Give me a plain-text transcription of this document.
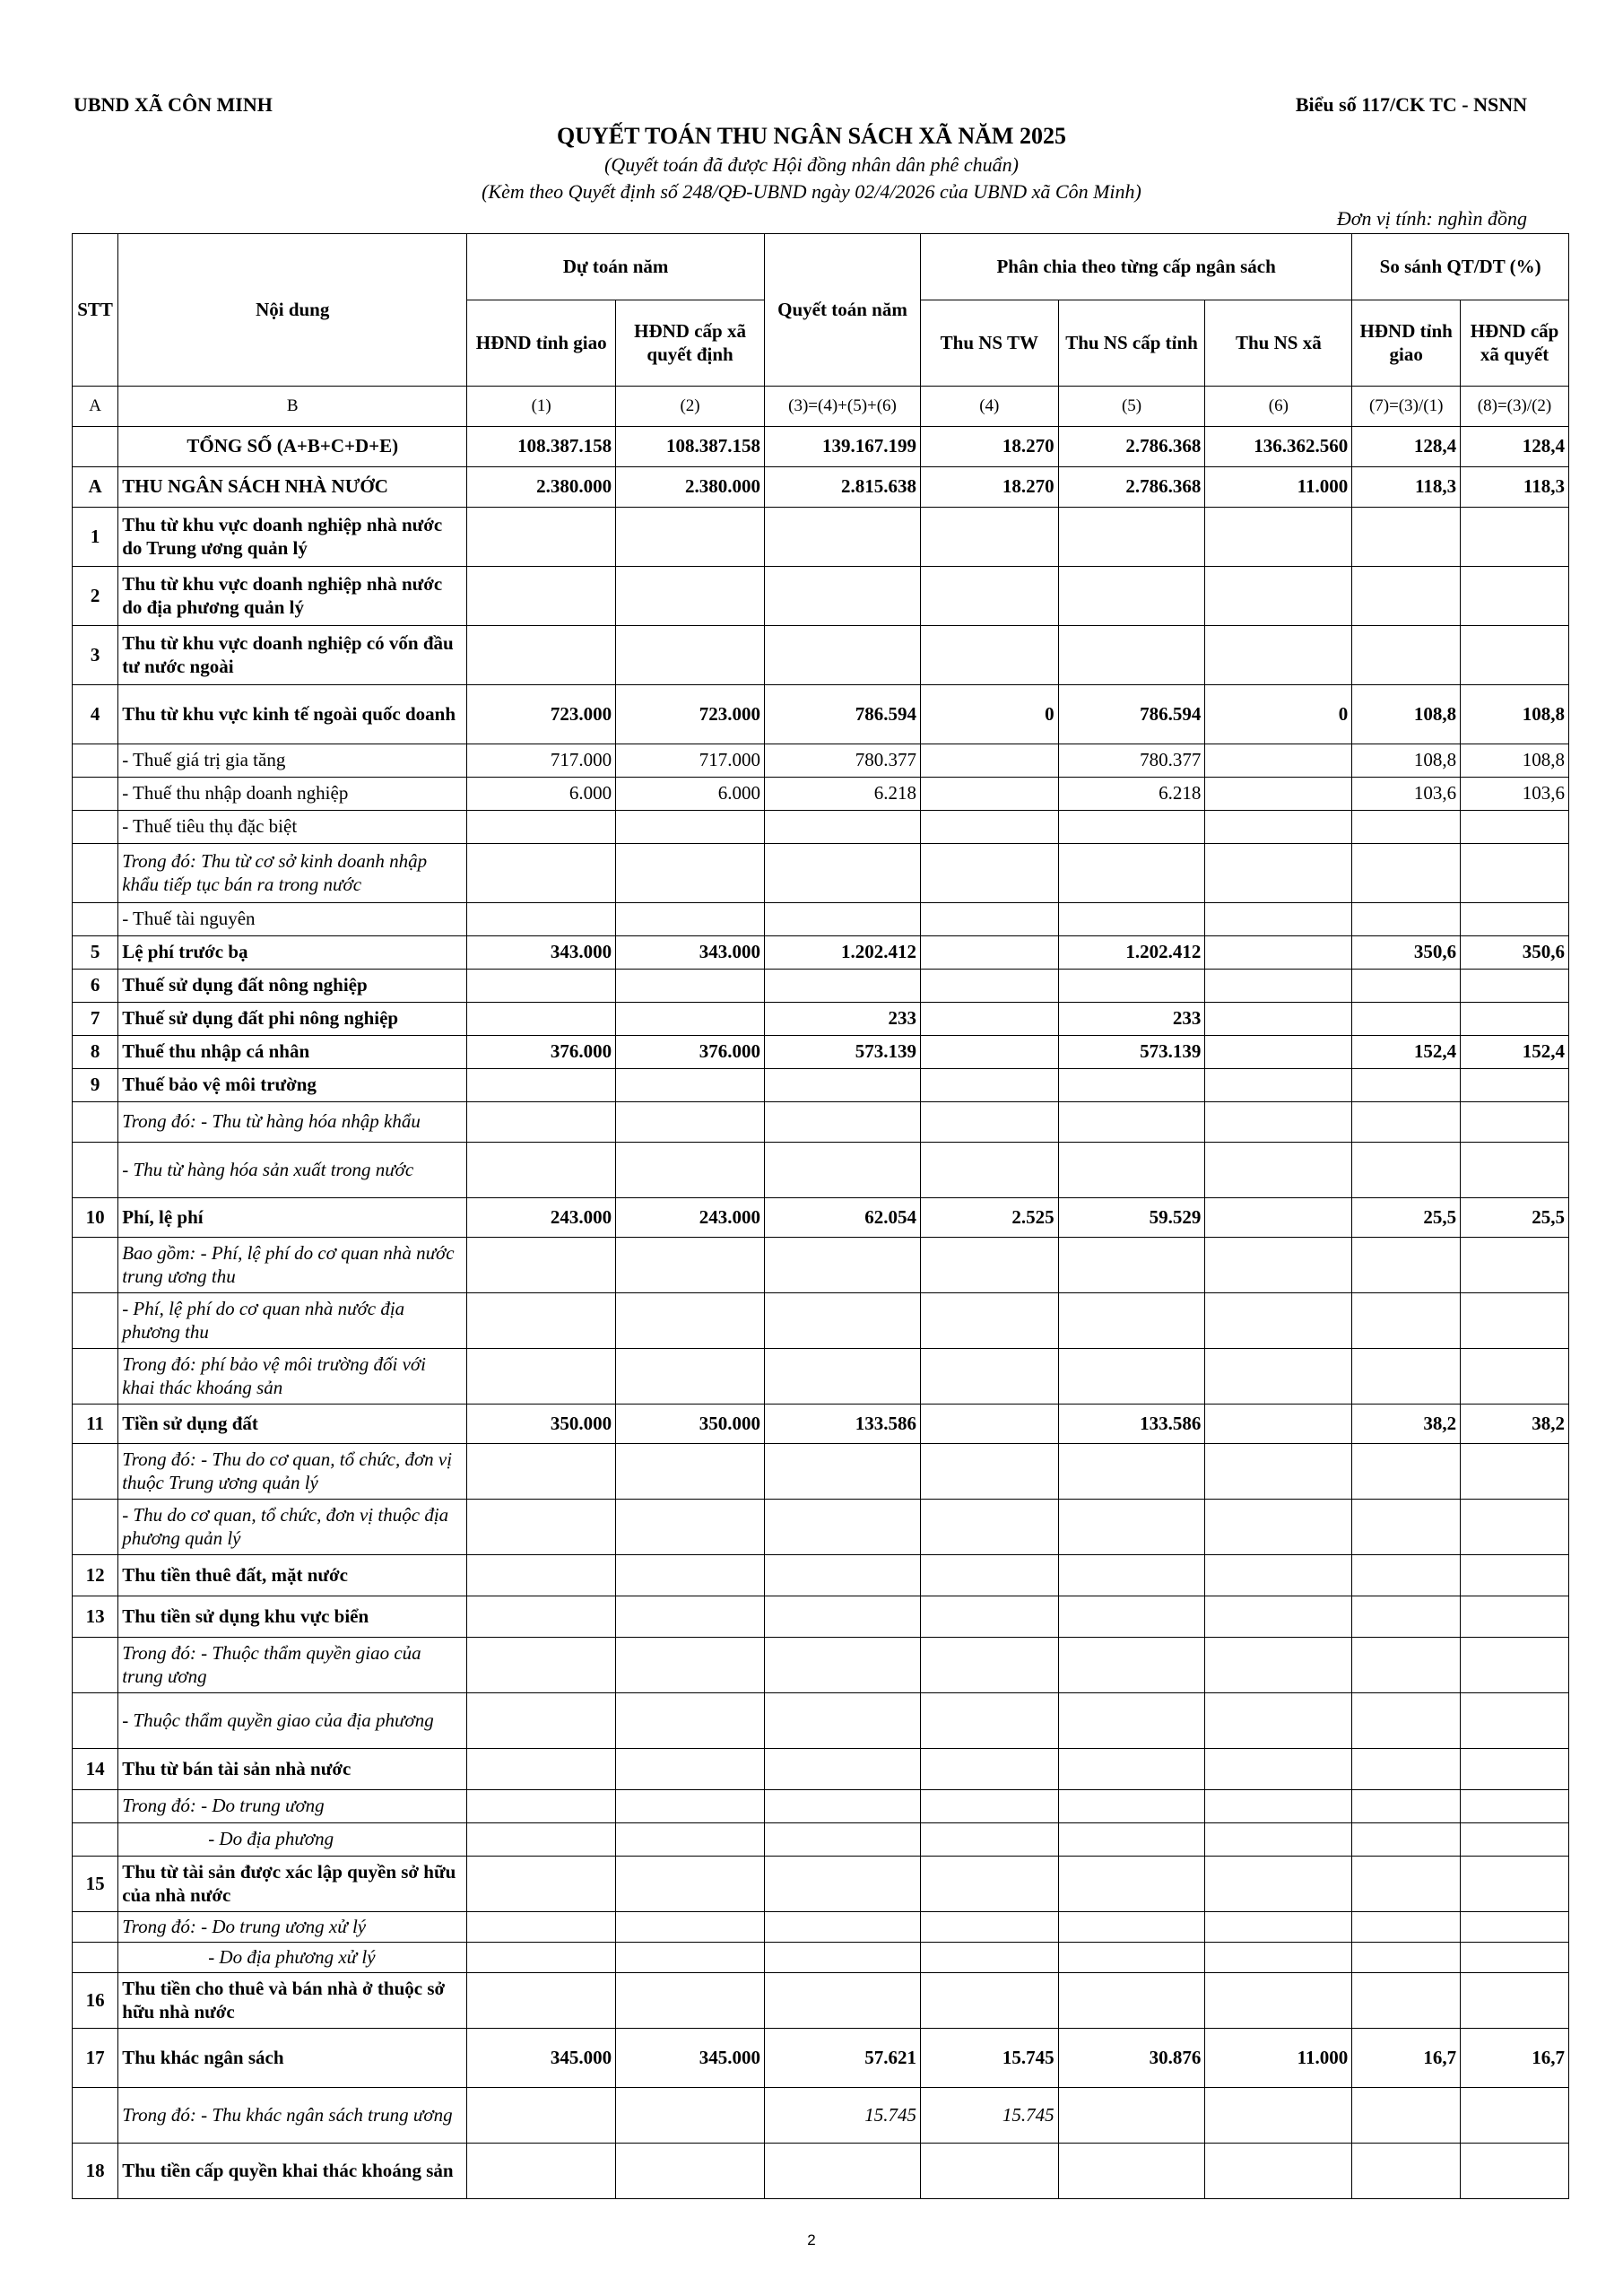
UBND XÃ CÔN MINH	Biểu số 117/CK TC - NSNN
QUYẾT TOÁN THU NGÂN SÁCH XÃ NĂM 2025
(Quyết toán đã được Hội đồng nhân dân phê chuẩn)
(Kèm theo Quyết định số 248/QĐ-UBND ngày 02/4/2026 của UBND xã Côn Minh)
Đơn vị tính: nghìn đồng
STT	Nội dung	Dự toán năm		Quyết toán năm	Phân chia theo từng cấp ngân sách			So sánh QT/DT (%)	
		HĐND tỉnh giao	HĐND cấp xã quyết định		Thu NS TW	Thu NS cấp tỉnh	Thu NS xã	HĐND tỉnh giao	HĐND cấp xã quyết
A	B	(1)	(2)	(3)=(4)+(5)+(6)	(4)	(5)	(6)	(7)=(3)/(1)	(8)=(3)/(2)
	TỔNG SỐ (A+B+C+D+E)	108.387.158	108.387.158	139.167.199	18.270	2.786.368	136.362.560	128,4	128,4
A	THU NGÂN SÁCH NHÀ NƯỚC	2.380.000	2.380.000	2.815.638	18.270	2.786.368	11.000	118,3	118,3
1	Thu từ khu vực doanh nghiệp nhà nước do Trung ương quản lý								
2	Thu từ khu vực doanh nghiệp nhà nước do địa phương quản lý								
3	Thu từ khu vực doanh nghiệp có vốn đầu tư nước ngoài								
4	Thu từ khu vực kinh tế ngoài quốc doanh	723.000	723.000	786.594	0	786.594	0	108,8	108,8
	- Thuế giá trị gia tăng	717.000	717.000	780.377		780.377		108,8	108,8
	- Thuế thu nhập doanh nghiệp	6.000	6.000	6.218		6.218		103,6	103,6
	- Thuế tiêu thụ đặc biệt								
	Trong đó: Thu từ cơ sở kinh doanh nhập khẩu tiếp tục bán ra trong nước								
	- Thuế tài nguyên								
5	Lệ phí trước bạ	343.000	343.000	1.202.412		1.202.412		350,6	350,6
6	Thuế sử dụng đất nông nghiệp								
7	Thuế sử dụng đất phi nông nghiệp			233		233			
8	Thuế thu nhập cá nhân	376.000	376.000	573.139		573.139		152,4	152,4
9	Thuế bảo vệ môi trường								
	Trong đó: - Thu từ hàng hóa nhập khẩu								
	- Thu từ hàng hóa sản xuất trong nước								
10	Phí, lệ phí	243.000	243.000	62.054	2.525	59.529		25,5	25,5
	Bao gồm: - Phí, lệ phí do cơ quan nhà nước trung ương thu								
	- Phí, lệ phí do cơ quan nhà nước địa phương thu								
	Trong đó: phí bảo vệ môi trường đối với khai thác khoáng sản								
11	Tiền sử dụng đất	350.000	350.000	133.586		133.586		38,2	38,2
	Trong đó: - Thu do cơ quan, tổ chức, đơn vị thuộc Trung ương quản lý								
	- Thu do cơ quan, tổ chức, đơn vị thuộc địa phương quản lý								
12	Thu tiền thuê đất, mặt nước								
13	Thu tiền sử dụng khu vực biển								
	Trong đó: - Thuộc thẩm quyền giao của trung ương								
	- Thuộc thẩm quyền giao của địa phương								
14	Thu từ bán tài sản nhà nước								
	Trong đó: - Do trung ương								
	- Do địa phương								
15	Thu từ tài sản được xác lập quyền sở hữu của nhà nước								
	Trong đó: - Do trung ương xử lý								
	- Do địa phương xử lý								
16	Thu tiền cho thuê và bán nhà ở thuộc sở hữu nhà nước								
17	Thu khác ngân sách	345.000	345.000	57.621	15.745	30.876	11.000	16,7	16,7
	Trong đó: - Thu khác ngân sách trung ương			15.745	15.745				
18	Thu tiền cấp quyền khai thác khoáng sản								
2
